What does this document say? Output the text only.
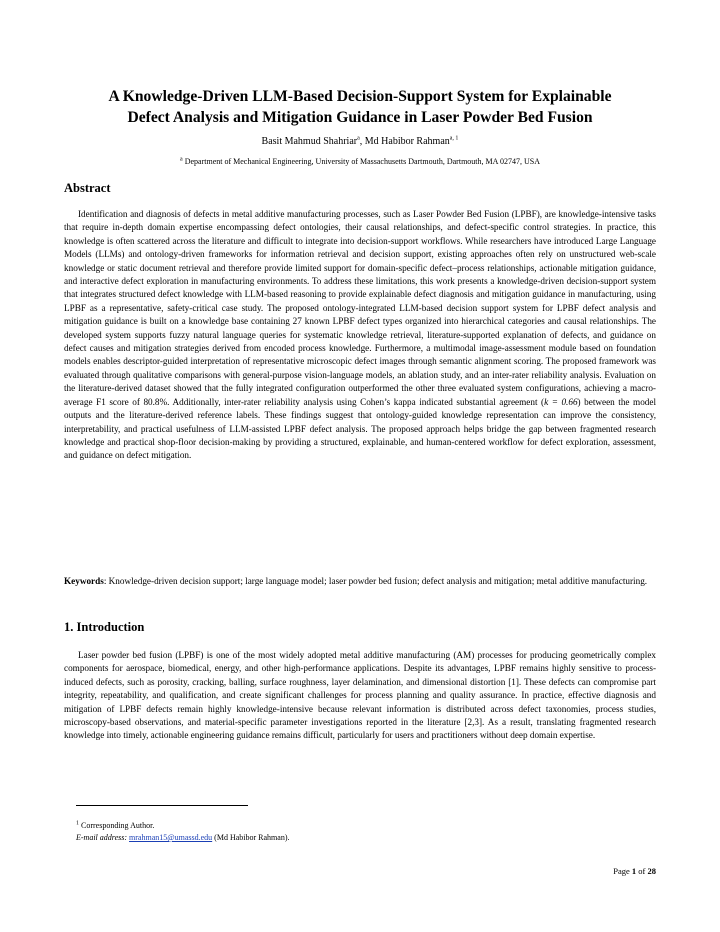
A Knowledge-Driven LLM-Based Decision-Support System for Explainable
Defect Analysis and Mitigation Guidance in Laser Powder Bed Fusion
Basit Mahmud Shahriar$^a$, Md Habibor Rahman$^{a, 1}$
$^a$ Department of Mechanical Engineering, University of Massachusetts Dartmouth, Dartmouth, MA 02747, USA
Abstract

Identification and diagnosis of defects in metal additive manufacturing processes, such as Laser Powder Bed Fusion (LPBF), are knowledge-intensive tasks that require in-depth domain expertise encompassing defect ontologies, their causal relationships, and defect-specific control strategies. In practice, this knowledge is often scattered across the literature and difficult to integrate into decision-support workflows. While researchers have introduced Large Language Models (LLMs) and ontology-driven frameworks for information retrieval and decision support, existing approaches often rely on unstructured web-scale knowledge or static document retrieval and therefore provide limited support for domain-specific defect–process relationships, actionable mitigation guidance, and interactive defect exploration in manufacturing environments. To address these limitations, this work presents a knowledge-driven decision-support system that integrates structured defect knowledge with LLM-based reasoning to provide explainable defect diagnosis and mitigation guidance in manufacturing, using LPBF as a representative, safety-critical case study. The proposed ontology-integrated LLM-based decision support system for LPBF defect analysis and mitigation guidance is built on a knowledge base containing 27 known LPBF defect types organized into hierarchical categories and causal relationships. The developed system supports fuzzy natural language queries for systematic knowledge retrieval, literature-supported explanation of defects, and guidance on defect causes and mitigation strategies derived from encoded process knowledge. Furthermore, a multimodal image-assessment module based on foundation models enables descriptor-guided interpretation of representative microscopic defect images through semantic alignment scoring. The proposed framework was evaluated through qualitative comparisons with general-purpose vision-language models, an ablation study, and an inter-rater reliability analysis. Evaluation on the literature-derived dataset showed that the fully integrated configuration outperformed the other three evaluated system configurations, achieving a macro-average F1 score of 80.8%. Additionally, inter-rater reliability analysis using Cohen’s kappa indicated substantial agreement (k = 0.66) between the model outputs and the literature-derived reference labels. These findings suggest that ontology-guided knowledge representation can improve the consistency, interpretability, and practical usefulness of LLM-assisted LPBF defect analysis. The proposed approach helps bridge the gap between fragmented research knowledge and practical shop-floor decision-making by providing a structured, explainable, and human-centered workflow for defect exploration, assessment, and guidance on defect mitigation.

Keywords: Knowledge-driven decision support; large language model; laser powder bed fusion; defect analysis and mitigation; metal additive manufacturing.

1. Introduction

Laser powder bed fusion (LPBF) is one of the most widely adopted metal additive manufacturing (AM) processes for producing geometrically complex components for aerospace, biomedical, energy, and other high-performance applications. Despite its advantages, LPBF remains highly sensitive to process-induced defects, such as porosity, cracking, balling, surface roughness, layer delamination, and dimensional distortion [1]. These defects can compromise part integrity, repeatability, and qualification, and create significant challenges for process planning and quality assurance. In practice, effective diagnosis and mitigation of LPBF defects remain highly knowledge-intensive because relevant information is distributed across defect taxonomies, process studies, microscopy-based observations, and material-specific parameter investigations reported in the literature [2,3]. As a result, translating fragmented research knowledge into timely, actionable engineering guidance remains difficult, particularly for users and practitioners without deep domain expertise.

$^1$ Corresponding Author.
E-mail address: mrahman15@umassd.edu (Md Habibor Rahman).
Page 1 of 28
